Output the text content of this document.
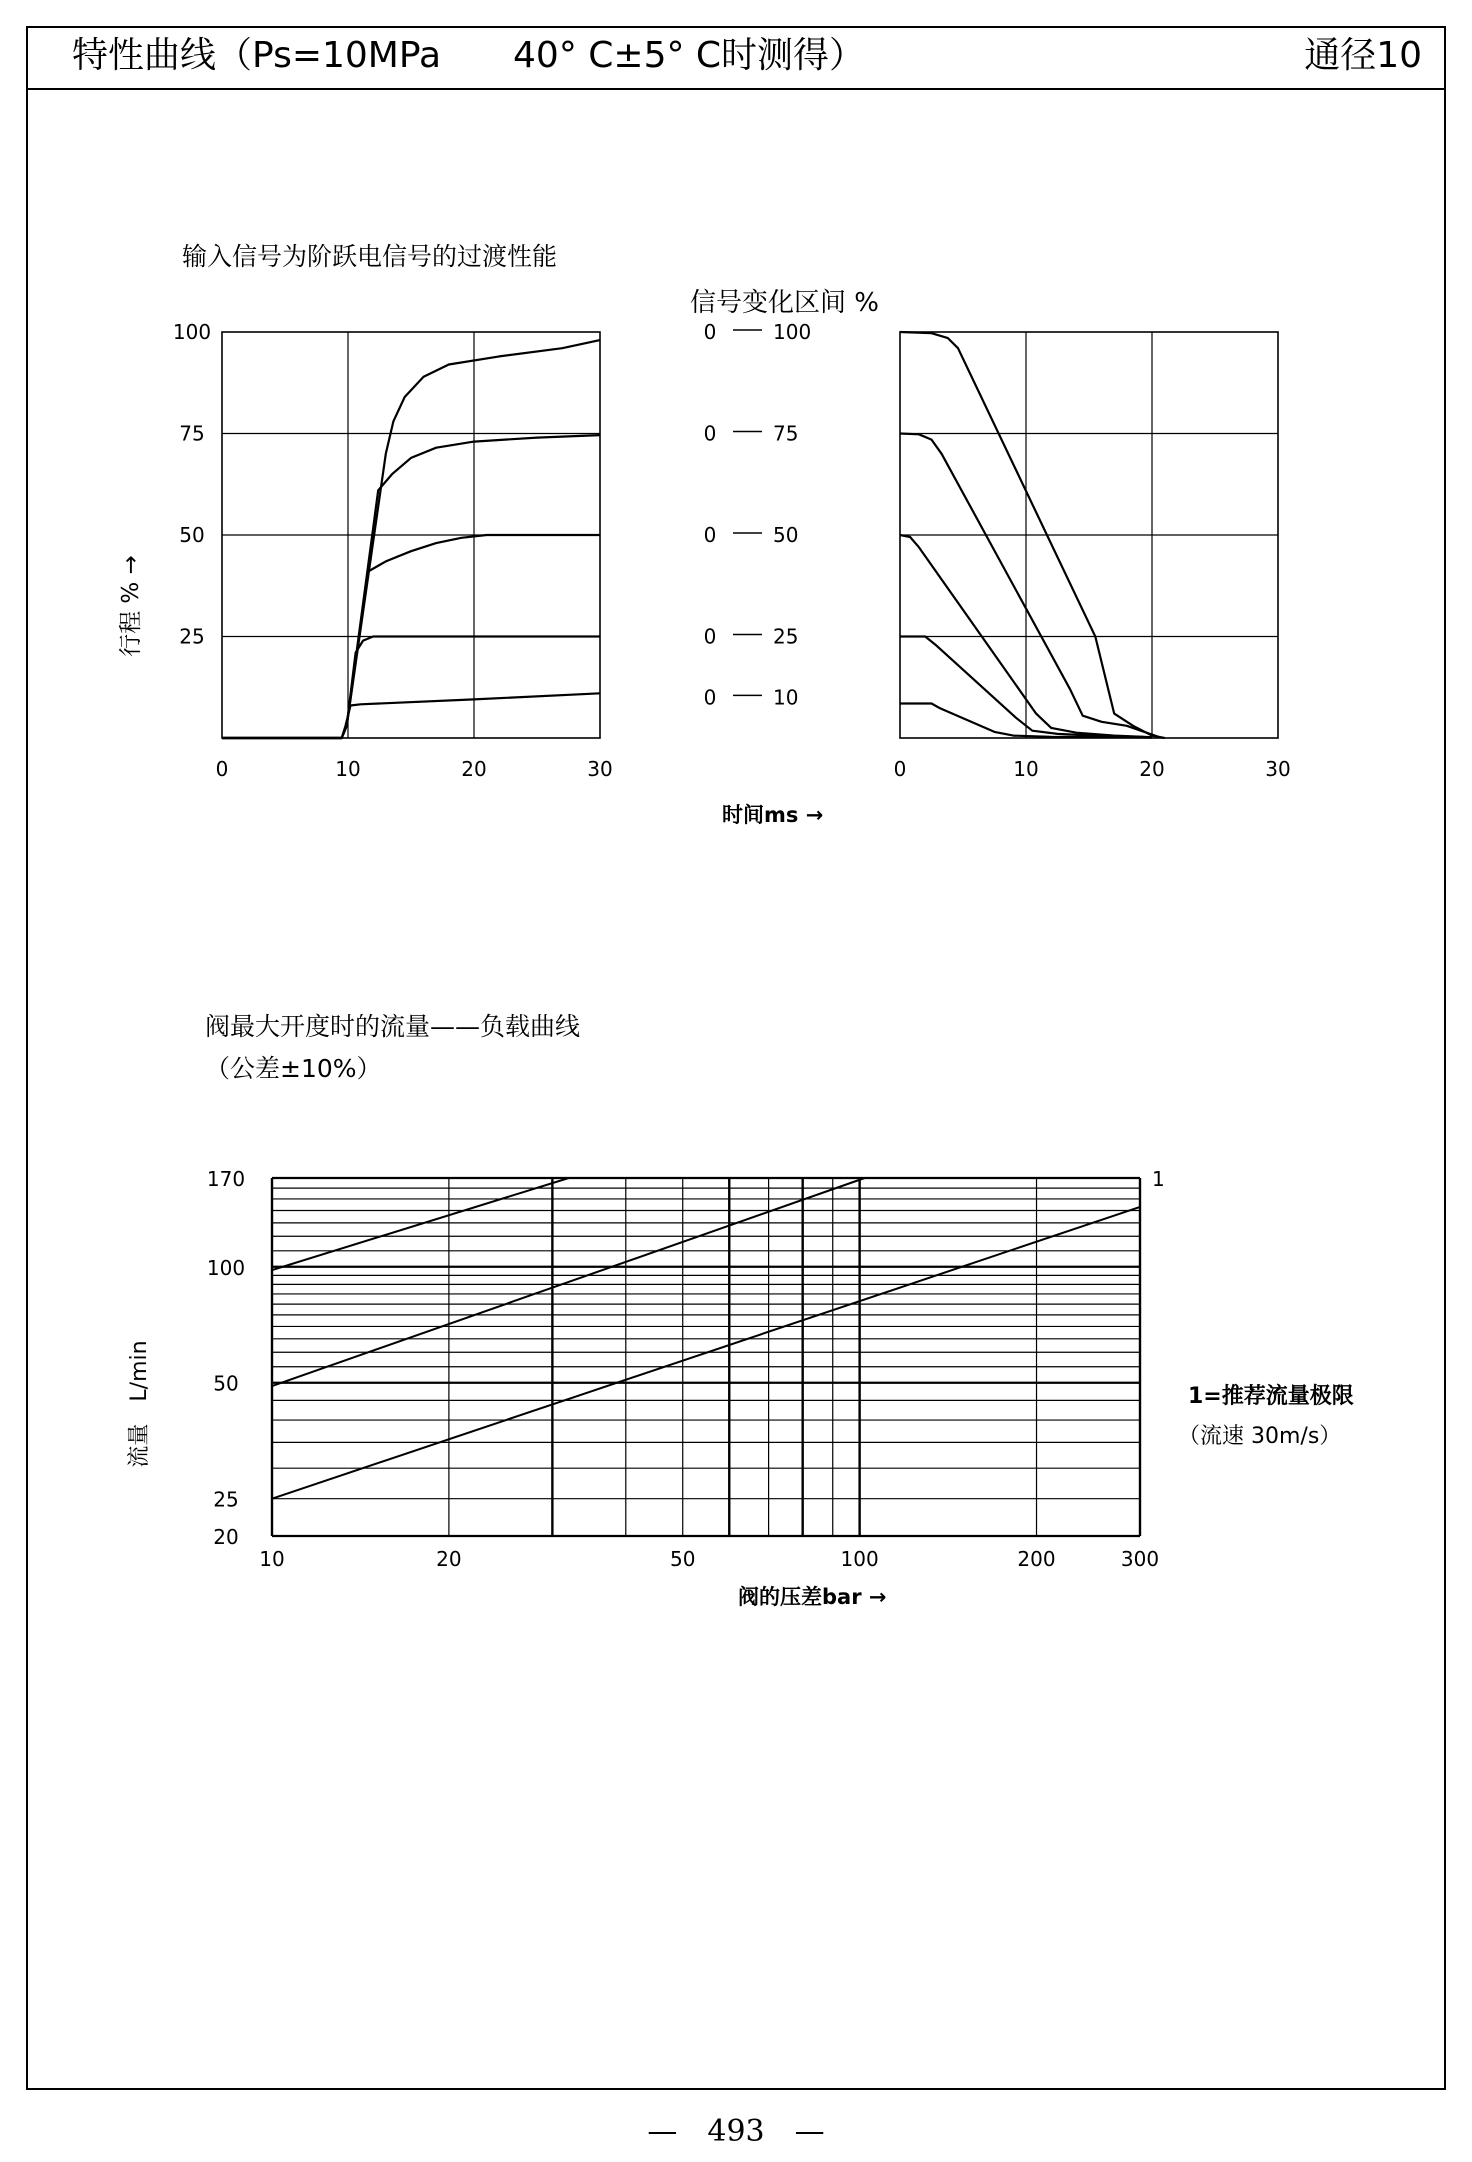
特性曲线（Ps=10MPa　　40° C±5° C时测得）	通径10
输入信号为阶跃电信号的过渡性能
信号变化区间 %
阀最大开度时的流量——负载曲线
（公差±10%）
1=推荐流量极限
（流速 30m/s）
0	10	20	30
25
50
75
100	0	100
0	75
0	50
0	25
0	10
0	10	20	30
10	20	50	100	200	300
20
25
50
100
170
时间ms →
行程 % →
阀的压差bar →
流量　L/min
1
—　493　—
